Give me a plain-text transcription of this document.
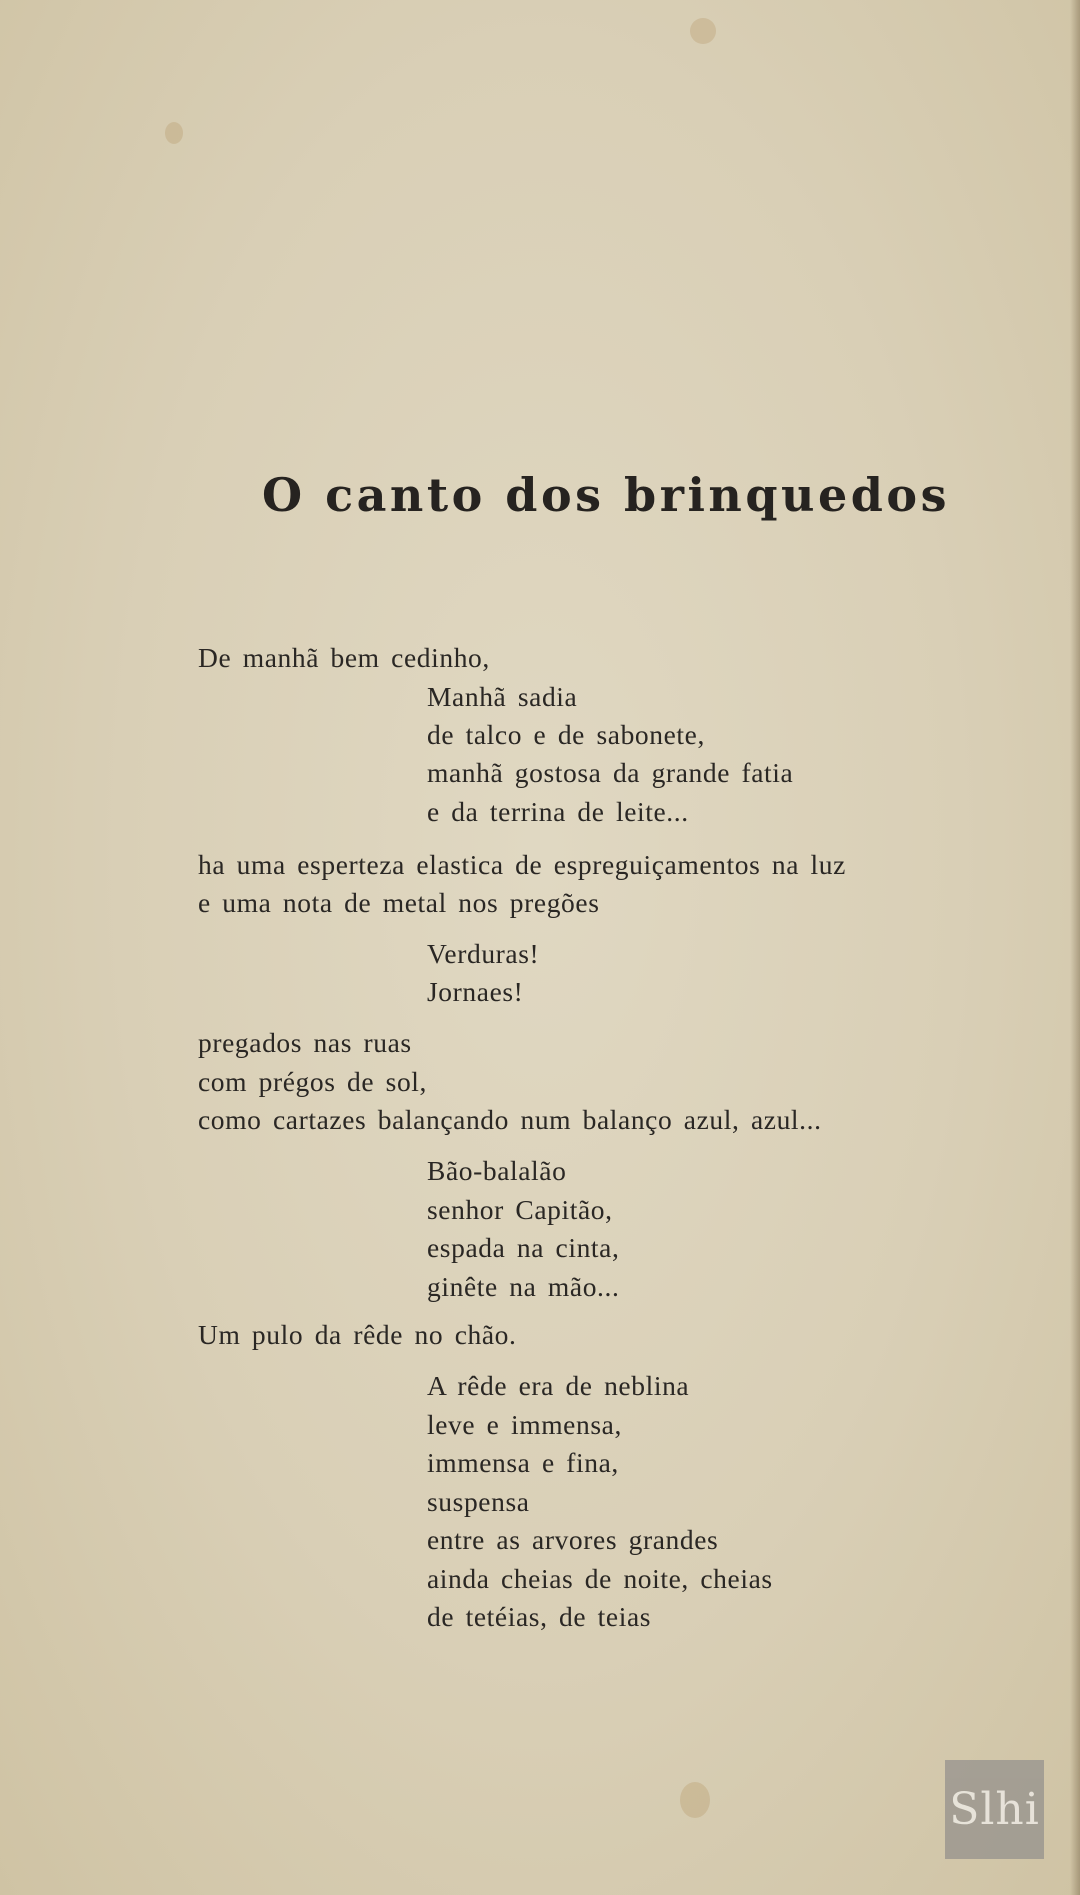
O canto dos brinquedos

De manhã bem cedinho,

Manhã sadia

de talco e de sabonete,

manhã gostosa da grande fatia

e da terrina de leite...

ha uma esperteza elastica de espreguiçamentos na luz

e uma nota de metal nos pregões

Verduras!

Jornaes!

pregados nas ruas

com prégos de sol,

como cartazes balançando num balanço azul, azul...

Bão-balalão

senhor Capitão,

espada na cinta,

ginête na mão...

Um pulo da rêde no chão.

A rêde era de neblina

leve e immensa,

immensa e fina,

suspensa

entre as arvores grandes

ainda cheias de noite, cheias

de tetéias, de teias

Slhi
